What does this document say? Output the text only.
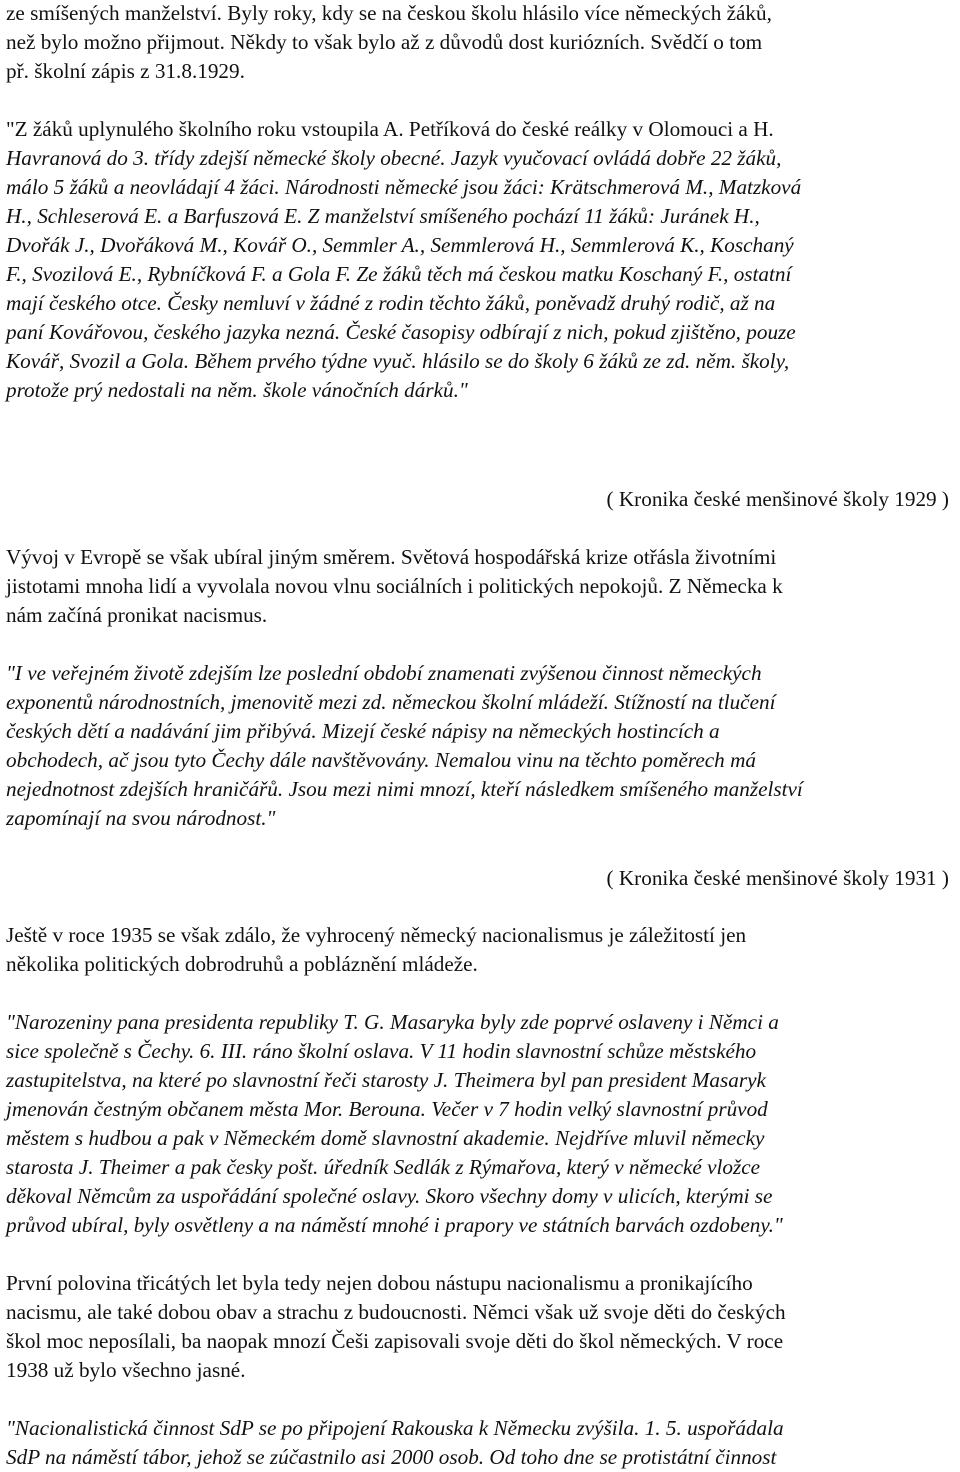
ze smíšených manželství. Byly roky, kdy se na českou školu hlásilo více německých žáků,
než bylo možno přijmout. Někdy to však bylo až z důvodů dost kuriózních. Svědčí o tom
př. školní zápis z 31.8.1929.

"Z žáků uplynulého školního roku vstoupila A. Petříková do české reálky v Olomouci a H.
Havranová do 3. třídy zdejší německé školy obecné. Jazyk vyučovací ovládá dobře 22 žáků,
málo 5 žáků a neovládají 4 žáci. Národnosti německé jsou žáci: Krätschmerová M., Matzková
H., Schleserová E. a Barfuszová E. Z manželství smíšeného pochází 11 žáků: Juránek H.,
Dvořák J., Dvořáková M., Kovář O., Semmler A., Semmlerová H., Semmlerová K., Koschaný
F., Svozilová E., Rybníčková F. a Gola F. Ze žáků těch má českou matku Koschaný F., ostatní
mají českého otce. Česky nemluví v žádné z rodin těchto žáků, poněvadž druhý rodič, až na
paní Kovářovou, českého jazyka nezná. České časopisy odbírají z nich, pokud zjištěno, pouze
Kovář, Svozil a Gola. Během prvého týdne vyuč. hlásilo se do školy 6 žáků ze zd. něm. školy,
protože prý nedostali na něm. škole vánočních dárků."

( Kronika české menšinové školy 1929 )

Vývoj v Evropě se však ubíral jiným směrem. Světová hospodářská krize otřásla životními
jistotami mnoha lidí a vyvolala novou vlnu sociálních i politických nepokojů. Z Německa k
nám začíná pronikat nacismus.

"I ve veřejném životě zdejším lze poslední období znamenati zvýšenou činnost německých
exponentů národnostních, jmenovitě mezi zd. německou školní mládeží. Stížností na tlučení
českých dětí a nadávání jim přibývá. Mizejí české nápisy na německých hostincích a
obchodech, ač jsou tyto Čechy dále navštěvovány. Nemalou vinu na těchto poměrech má
nejednotnost zdejších hraničářů. Jsou mezi nimi mnozí, kteří následkem smíšeného manželství
zapomínají na svou národnost."

( Kronika české menšinové školy 1931 )

Ještě v roce 1935 se však zdálo, že vyhrocený německý nacionalismus je záležitostí jen
několika politických dobrodruhů a pobláznění mládeže.

"Narozeniny pana presidenta republiky T. G. Masaryka byly zde poprvé oslaveny i Němci a
sice společně s Čechy. 6. III. ráno školní oslava. V 11 hodin slavnostní schůze městského
zastupitelstva, na které po slavnostní řeči starosty J. Theimera byl pan president Masaryk
jmenován čestným občanem města Mor. Berouna. Večer v 7 hodin velký slavnostní průvod
městem s hudbou a pak v Německém domě slavnostní akademie. Nejdříve mluvil německy
starosta J. Theimer a pak česky pošt. úředník Sedlák z Rýmařova, který v německé vložce
děkoval Němcům za uspořádání společné oslavy. Skoro všechny domy v ulicích, kterými se
průvod ubíral, byly osvětleny a na náměstí mnohé i prapory ve státních barvách ozdobeny."

První polovina třicátých let byla tedy nejen dobou nástupu nacionalismu a pronikajícího
nacismu, ale také dobou obav a strachu z budoucnosti. Němci však už svoje děti do českých
škol moc neposílali, ba naopak mnozí Češi zapisovali svoje děti do škol německých. V roce
1938 už bylo všechno jasné.

"Nacionalistická činnost SdP se po připojení Rakouska k Německu zvýšila. 1. 5. uspořádala
SdP na náměstí tábor, jehož se zúčastnilo asi 2000 osob. Od toho dne se protistátní činnost
